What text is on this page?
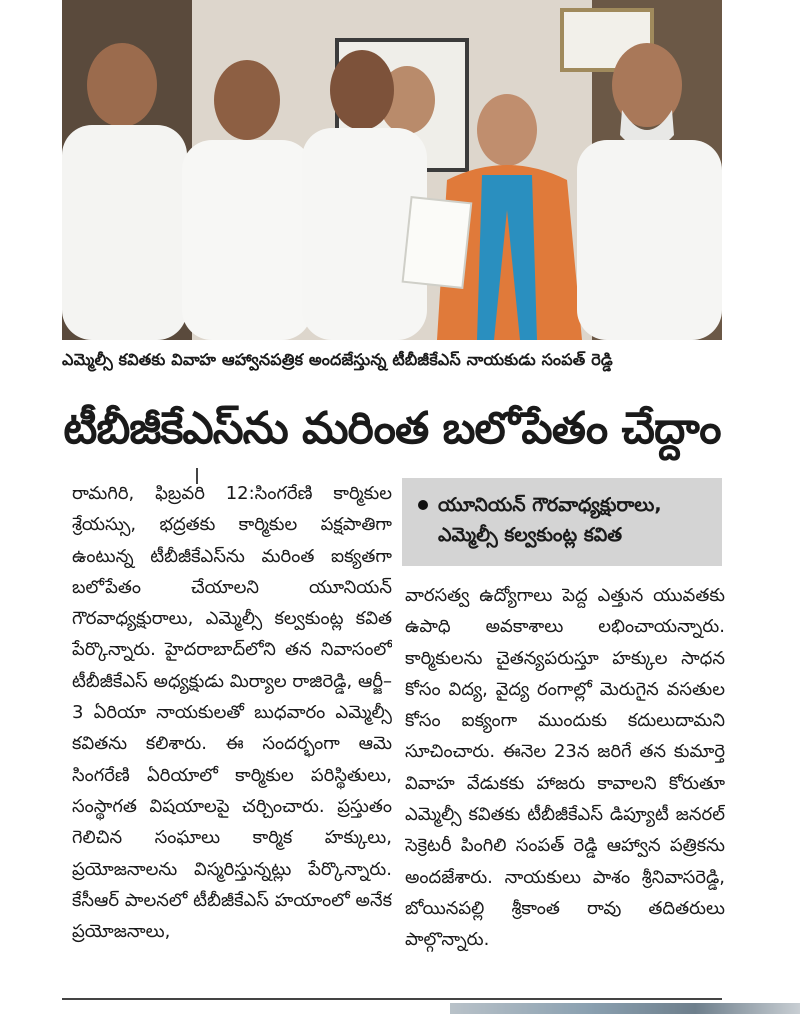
ఎమ్మెల్సీ కవితకు వివాహ ఆహ్వానపత్రిక అందజేస్తున్న టీబీజీకేఎస్ నాయకుడు సంపత్ రెడ్డి
టీబీజీకేఎస్‌ను మరింత బలోపేతం చేద్దాం

రామగిరి, ఫిబ్రవరి 12:సింగరేణి కార్మికుల శ్రేయస్సు, భద్రతకు కార్మికుల పక్షపాతిగా ఉంటున్న టీబీజీకేఎస్‌ను మరింత ఐక్యతగా బలోపేతం చేయాలని యూనియన్ గౌరవాధ్యక్షురాలు, ఎమ్మెల్సీ కల్వకుంట్ల కవిత పేర్కొన్నారు. హైదరాబాద్‌లోని తన నివాసంలో టీబీజీకేఎస్ అధ్యక్షుడు మిర్యాల రాజిరెడ్డి, ఆర్జీ–3 ఏరియా నాయకులతో బుధవారం ఎమ్మెల్సీ కవితను కలిశారు. ఈ సందర్భంగా ఆమె సింగరేణి ఏరియాలో కార్మికుల పరిస్థితులు, సంస్థాగత విషయాలపై చర్చించారు. ప్రస్తుతం గెలిచిన సంఘాలు కార్మిక హక్కులు, ప్రయోజనాలను విస్మరిస్తున్నట్లు పేర్కొన్నారు. కేసీఆర్ పాలనలో టీబీజీకేఎస్ హయాంలో అనేక ప్రయోజనాలు,

యూనియన్ గౌరవాధ్యక్షురాలు,
ఎమ్మెల్సీ కల్వకుంట్ల కవిత

వారసత్వ ఉద్యోగాలు పెద్ద ఎత్తున యువతకు ఉపాధి అవకాశాలు లభించాయన్నారు. కార్మికులను చైతన్యపరుస్తూ హక్కుల సాధన కోసం విద్య, వైద్య రంగాల్లో మెరుగైన వసతుల కోసం ఐక్యంగా ముందుకు కదులుదామని సూచించారు. ఈనెల 23న జరిగే తన కుమార్తె వివాహ వేడుకకు హాజరు కావాలని కోరుతూ ఎమ్మెల్సీ కవితకు టీబీజీకేఎస్ డిప్యూటీ జనరల్ సెక్రెటరీ పింగిలి సంపత్ రెడ్డి ఆహ్వాన పత్రికను అందజేశారు. నాయకులు పాశం శ్రీనివాసరెడ్డి, బోయినపల్లి శ్రీకాంత రావు తదితరులు పాల్గొన్నారు.
